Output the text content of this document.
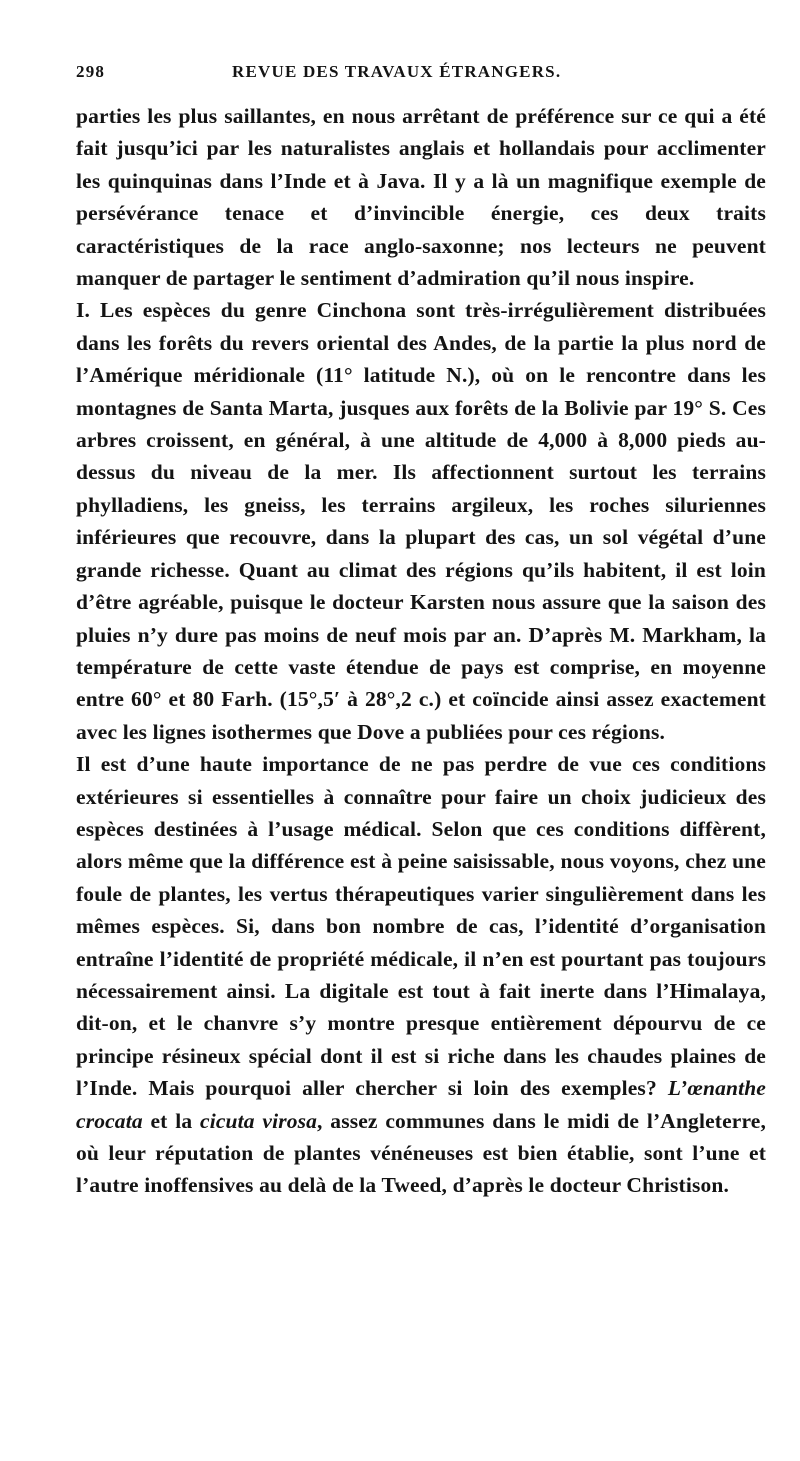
298	REVUE DES TRAVAUX ÉTRANGERS.

parties les plus saillantes, en nous arrêtant de préférence sur ce qui a été fait jusqu’ici par les naturalistes anglais et hollandais pour acclimenter les quinquinas dans l’Inde et à Java. Il y a là un magnifique exemple de persévérance tenace et d’invincible énergie, ces deux traits caractéristiques de la race anglo-saxonne; nos lecteurs ne peuvent manquer de partager le sentiment d’admiration qu’il nous inspire.

I. Les espèces du genre Cinchona sont très-irrégulièrement distribuées dans les forêts du revers oriental des Andes, de la partie la plus nord de l’Amérique méridionale (11° latitude N.), où on le rencontre dans les montagnes de Santa Marta, jusques aux forêts de la Bolivie par 19° S. Ces arbres croissent, en général, à une altitude de 4,000 à 8,000 pieds au-dessus du niveau de la mer. Ils affectionnent surtout les terrains phylladiens, les gneiss, les terrains argileux, les roches siluriennes inférieures que recouvre, dans la plupart des cas, un sol végétal d’une grande richesse. Quant au climat des régions qu’ils habitent, il est loin d’être agréable, puisque le docteur Karsten nous assure que la saison des pluies n’y dure pas moins de neuf mois par an. D’après M. Markham, la température de cette vaste étendue de pays est comprise, en moyenne entre 60° et 80 Farh. (15°,5′ à 28°,2 c.) et coïncide ainsi assez exactement avec les lignes isothermes que Dove a publiées pour ces régions.

Il est d’une haute importance de ne pas perdre de vue ces conditions extérieures si essentielles à connaître pour faire un choix judicieux des espèces destinées à l’usage médical. Selon que ces conditions diffèrent, alors même que la différence est à peine saisissable, nous voyons, chez une foule de plantes, les vertus thérapeutiques varier singulièrement dans les mêmes espèces. Si, dans bon nombre de cas, l’identité d’organisation entraîne l’identité de propriété médicale, il n’en est pourtant pas toujours nécessairement ainsi. La digitale est tout à fait inerte dans l’Himalaya, dit-on, et le chanvre s’y montre presque entièrement dépourvu de ce principe résineux spécial dont il est si riche dans les chaudes plaines de l’Inde. Mais pourquoi aller chercher si loin des exemples? L’œnanthe crocata et la cicuta virosa, assez communes dans le midi de l’Angleterre, où leur réputation de plantes vénéneuses est bien établie, sont l’une et l’autre inoffensives au delà de la Tweed, d’après le docteur Christison.
